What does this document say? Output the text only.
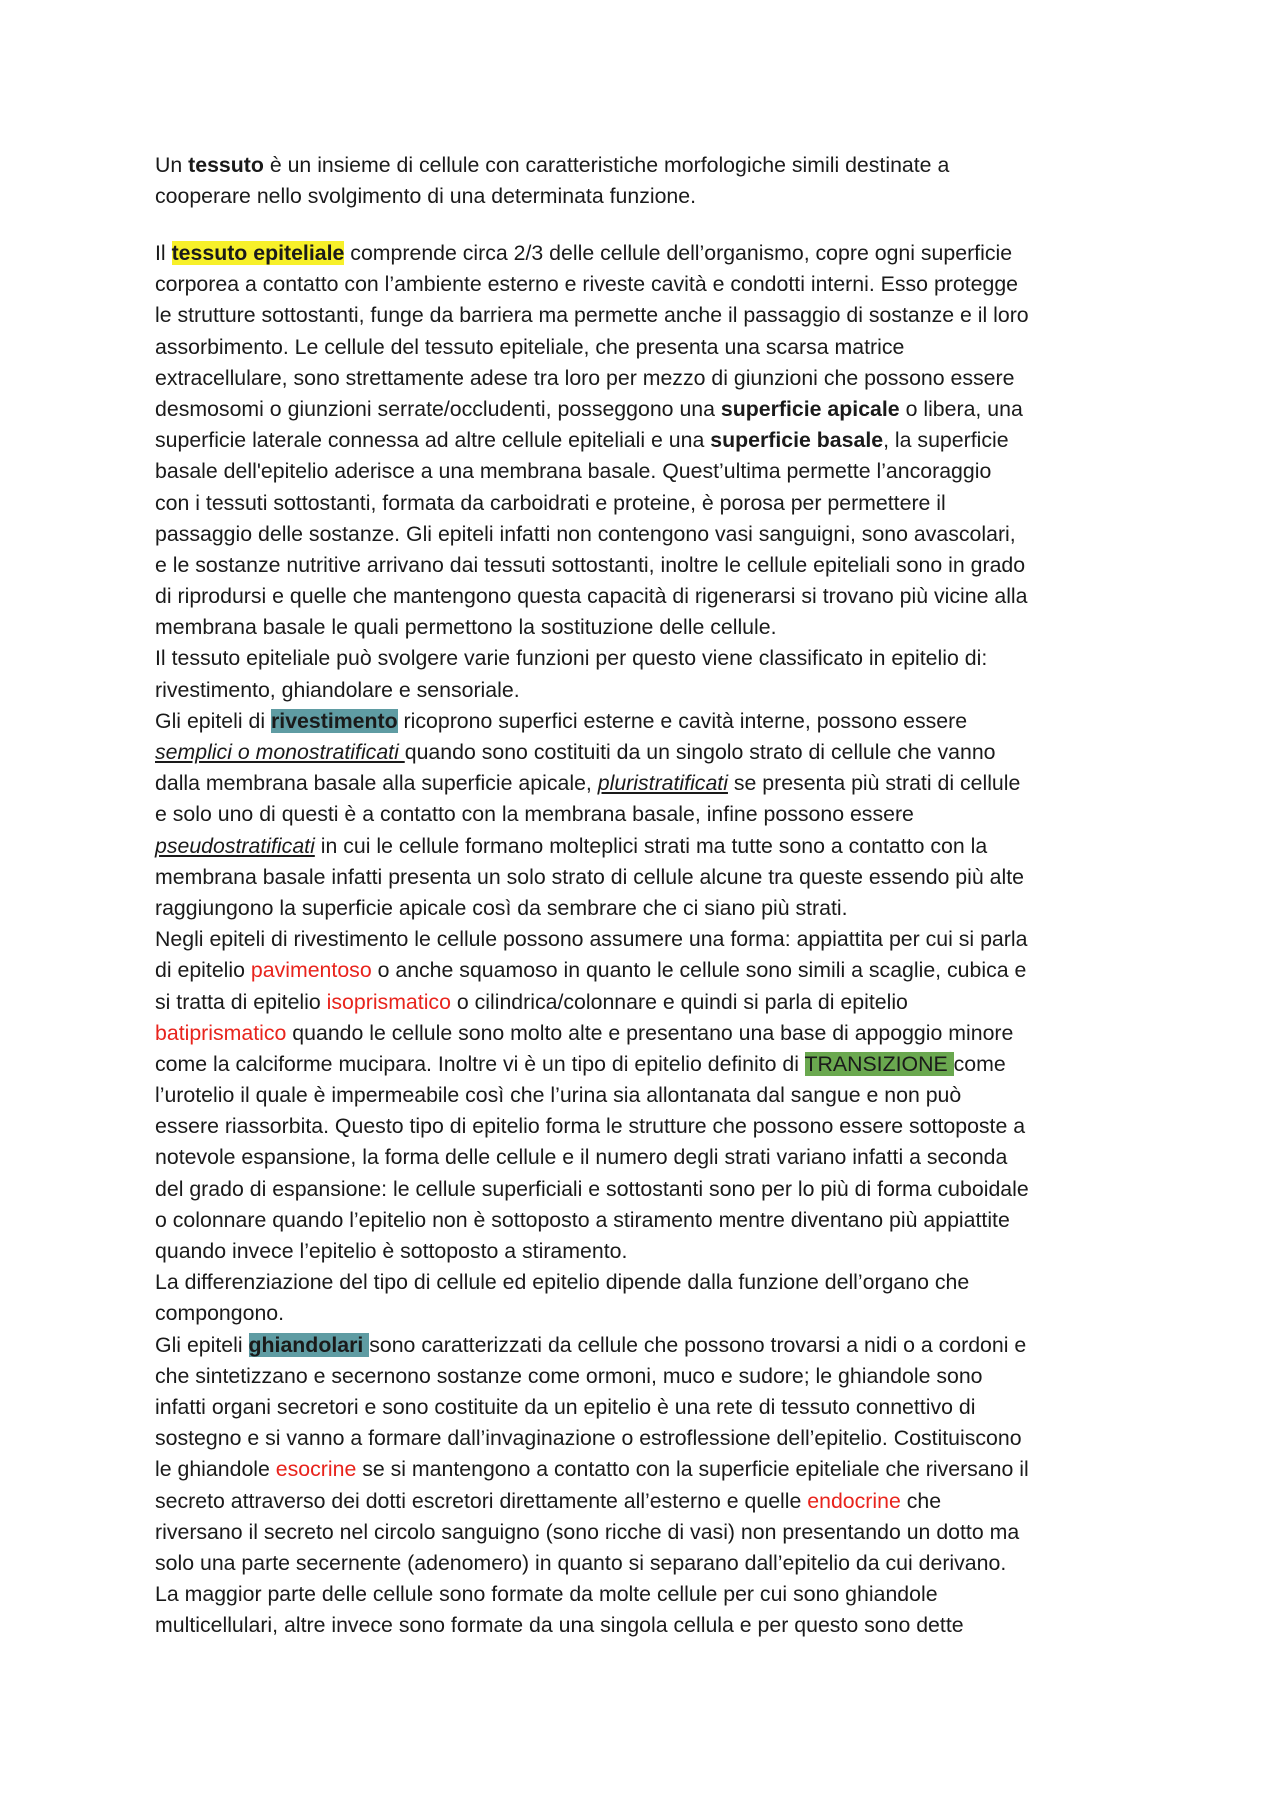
Un tessuto è un insieme di cellule con caratteristiche morfologiche simili destinate a
cooperare nello svolgimento di una determinata funzione.
Il tessuto epiteliale comprende circa 2/3 delle cellule dell’organismo, copre ogni superficie
corporea a contatto con l’ambiente esterno e riveste cavità e condotti interni. Esso protegge
le strutture sottostanti, funge da barriera ma permette anche il passaggio di sostanze e il loro
assorbimento. Le cellule del tessuto epiteliale, che presenta una scarsa matrice
extracellulare, sono strettamente adese tra loro per mezzo di giunzioni che possono essere
desmosomi o giunzioni serrate/occludenti, posseggono una superficie apicale o libera, una
superficie laterale connessa ad altre cellule epiteliali e una superficie basale, la superficie
basale dell'epitelio aderisce a una membrana basale. Quest’ultima permette l’ancoraggio
con i tessuti sottostanti, formata da carboidrati e proteine, è porosa per permettere il
passaggio delle sostanze. Gli epiteli infatti non contengono vasi sanguigni, sono avascolari,
e le sostanze nutritive arrivano dai tessuti sottostanti, inoltre le cellule epiteliali sono in grado
di riprodursi e quelle che mantengono questa capacità di rigenerarsi si trovano più vicine alla
membrana basale le quali permettono la sostituzione delle cellule.
Il tessuto epiteliale può svolgere varie funzioni per questo viene classificato in epitelio di:
rivestimento, ghiandolare e sensoriale.
Gli epiteli di rivestimento ricoprono superfici esterne e cavità interne, possono essere
semplici o monostratificati quando sono costituiti da un singolo strato di cellule che vanno
dalla membrana basale alla superficie apicale, pluristratificati se presenta più strati di cellule
e solo uno di questi è a contatto con la membrana basale, infine possono essere
pseudostratificati in cui le cellule formano molteplici strati ma tutte sono a contatto con la
membrana basale infatti presenta un solo strato di cellule alcune tra queste essendo più alte
raggiungono la superficie apicale così da sembrare che ci siano più strati.
Negli epiteli di rivestimento le cellule possono assumere una forma: appiattita per cui si parla
di epitelio pavimentoso o anche squamoso in quanto le cellule sono simili a scaglie, cubica e
si tratta di epitelio isoprismatico o cilindrica/colonnare e quindi si parla di epitelio
batiprismatico quando le cellule sono molto alte e presentano una base di appoggio minore
come la calciforme mucipara. Inoltre vi è un tipo di epitelio definito di TRANSIZIONE come
l’urotelio il quale è impermeabile così che l’urina sia allontanata dal sangue e non può
essere riassorbita. Questo tipo di epitelio forma le strutture che possono essere sottoposte a
notevole espansione, la forma delle cellule e il numero degli strati variano infatti a seconda
del grado di espansione: le cellule superficiali e sottostanti sono per lo più di forma cuboidale
o colonnare quando l’epitelio non è sottoposto a stiramento mentre diventano più appiattite
quando invece l’epitelio è sottoposto a stiramento.
La differenziazione del tipo di cellule ed epitelio dipende dalla funzione dell’organo che
compongono.
Gli epiteli ghiandolari sono caratterizzati da cellule che possono trovarsi a nidi o a cordoni e
che sintetizzano e secernono sostanze come ormoni, muco e sudore; le ghiandole sono
infatti organi secretori e sono costituite da un epitelio è una rete di tessuto connettivo di
sostegno e si vanno a formare dall’invaginazione o estroflessione dell’epitelio. Costituiscono
le ghiandole esocrine se si mantengono a contatto con la superficie epiteliale che riversano il
secreto attraverso dei dotti escretori direttamente all’esterno e quelle endocrine che
riversano il secreto nel circolo sanguigno (sono ricche di vasi) non presentando un dotto ma
solo una parte secernente (adenomero) in quanto si separano dall’epitelio da cui derivano.
La maggior parte delle cellule sono formate da molte cellule per cui sono ghiandole
multicellulari, altre invece sono formate da una singola cellula e per questo sono dette
